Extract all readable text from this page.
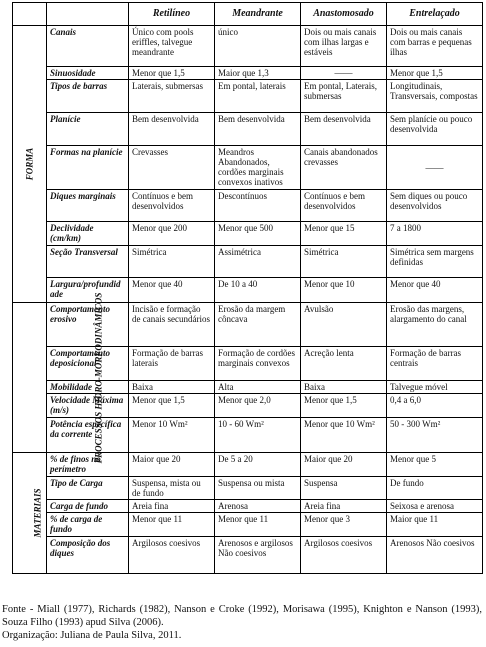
		Retilíneo	Meandrante	Anastomosado	Entrelaçado
FORMA	Canais	Único com pools eriffles, talvegue meandrante	único	Dois ou mais canais com ilhas largas e estáveis	Dois ou mais canais com barras e pequenas ilhas
	Sinuosidade	Menor que 1,5	Maior que 1,3	——	Menor que 1,5
	Tipos de barras	Laterais, submersas	Em pontal, laterais	Em pontal, Laterais, submersas	Longitudinais, Transversais, compostas
	Planície	Bem desenvolvida	Bem desenvolvida	Bem desenvolvida	Sem planície ou pouco desenvolvida
	Formas na planície	Crevasses	Meandros Abandonados, cordões marginais convexos inativos	Canais abandonados crevasses	——
	Diques marginais	Contínuos e bem desenvolvidos	Descontínuos	Contínuos e bem desenvolvidos	Sem diques ou pouco desenvolvidos
	Declividade (cm/km)	Menor que 200	Menor que 500	Menor que 15	7 a 1800
	Seção Transversal	Simétrica	Assimétrica	Simétrica	Simétrica sem margens definidas
	Largura/profundidade	Menor que 40	De 10 a 40	Menor que 10	Menor que 40
PROCESSOS HIDRO-MORFODINÂMICOS	Comportamento erosivo	Incisão e formação de canais secundários	Erosão da margem côncava	Avulsão	Erosão das margens, alargamento do canal
	Comportamento deposicional	Formação de barras laterais	Formação de cordões marginais convexos	Acreção lenta	Formação de barras centrais
	Mobilidade	Baixa	Alta	Baixa	Talvegue móvel
	Velocidade Máxima (m/s)	Menor que 1,5	Menor que 2,0	Menor que 1,5	0,4 a 6,0
	Potência específica da corrente	Menor 10 Wm²	10 - 60 Wm²	Menor que 10 Wm²	50 - 300 Wm²
MATERIAIS	% de finos no perímetro	Maior que 20	De 5 a 20	Maior que 20	Menor que 5
	Tipo de Carga	Suspensa, mista ou de fundo	Suspensa ou mista	Suspensa	De fundo
	Carga de fundo	Areia fina	Arenosa	Areia fina	Seixosa e arenosa
	% de carga de fundo	Menor que 11	Menor que 11	Menor que 3	Maior que 11
	Composição dos diques	Argilosos coesivos	Arenosos e argilosos Não coesivos	Argilosos coesivos	Arenosos Não coesivos
Fonte - Miall (1977), Richards (1982), Nanson e Croke (1992), Morisawa (1995), Knighton e Nanson (1993), Souza Filho (1993) apud Silva (2006).
Organização: Juliana de Paula Silva, 2011.
